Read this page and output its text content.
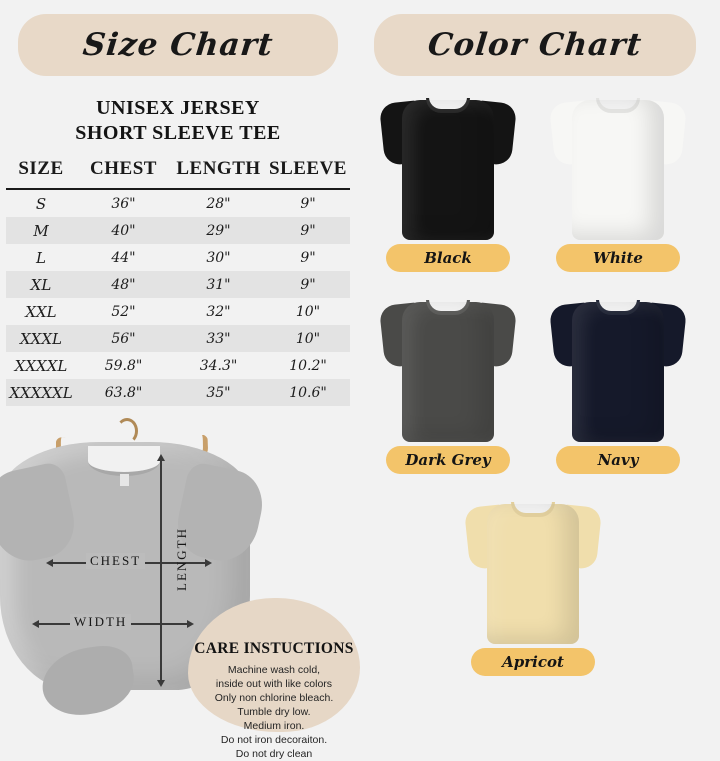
Size Chart	Color Chart
UNISEX JERSEY
SHORT SLEEVE TEE
SIZE	CHEST	LENGTH	SLEEVE
S	36"	28"	9"
M	40"	29"	9"
L	44"	30"	9"
XL	48"	31"	9"
XXL	52"	32"	10"
XXXL	56"	33"	10"
XXXXL	59.8"	34.3"	10.2"
XXXXXL	63.8"	35"	10.6"
CHEST
WIDTH
LENGTH
CARE INSTUCTIONS
Machine wash cold,
inside out with like colors
Only non chlorine bleach.
Tumble dry low.
Medium iron.
Do not iron decoraiton.
Do not dry clean
Black	White
Dark Grey	Navy
Apricot
